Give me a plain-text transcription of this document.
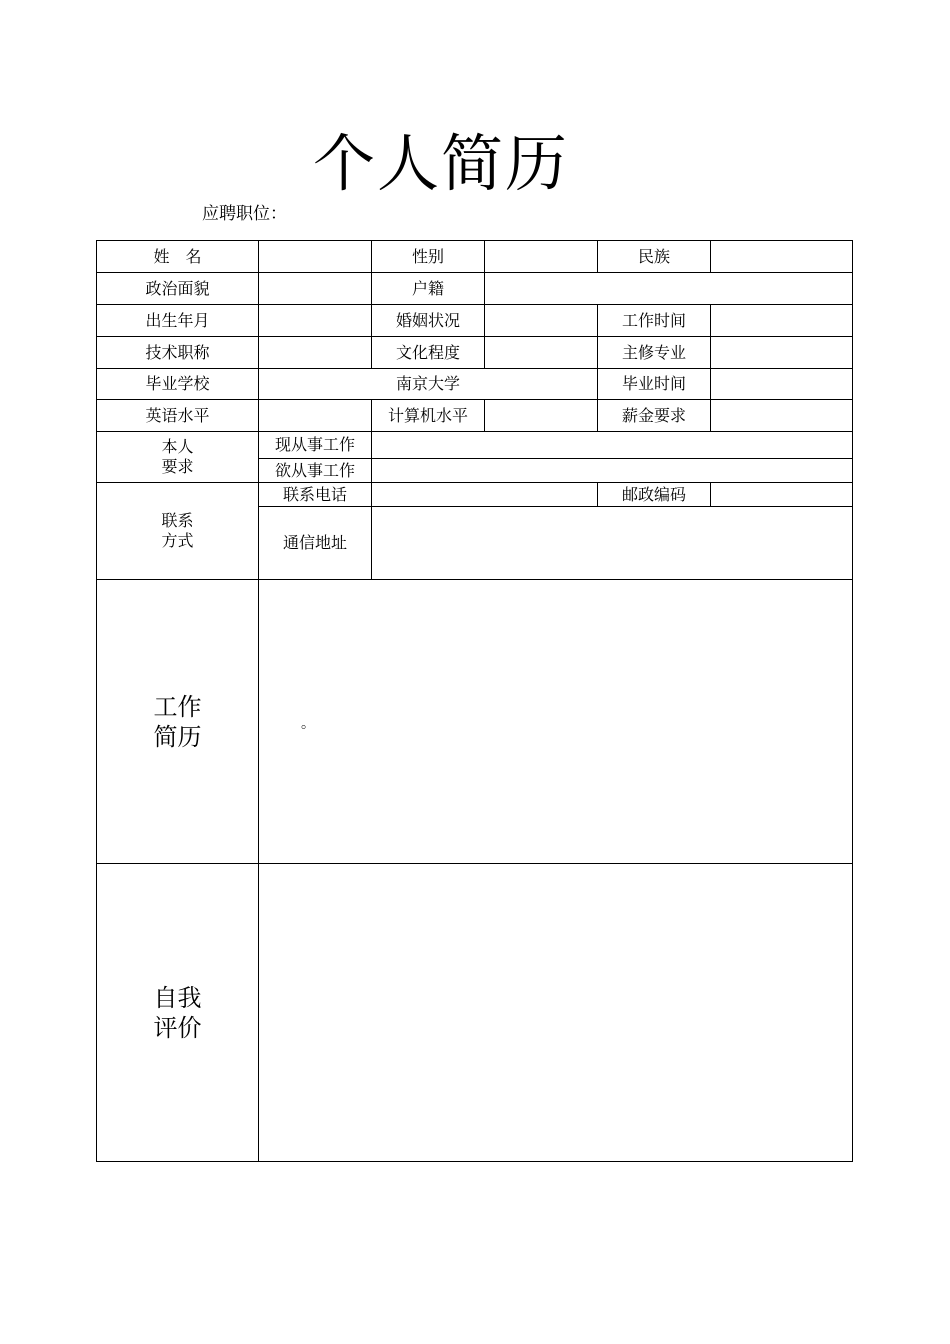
个人简历
应聘职位：
姓　名		性别		民族	
政治面貌		户籍			
出生年月		婚姻状况		工作时间	
技术职称		文化程度		主修专业	
毕业学校	南京大学			毕业时间	
英语水平		计算机水平		薪金要求	

本人
要求	现从事工作				
	欲从事工作				

联系
方式	联系电话			邮政编码	
	通信地址				

工作
简历	。				

自我
评价					
